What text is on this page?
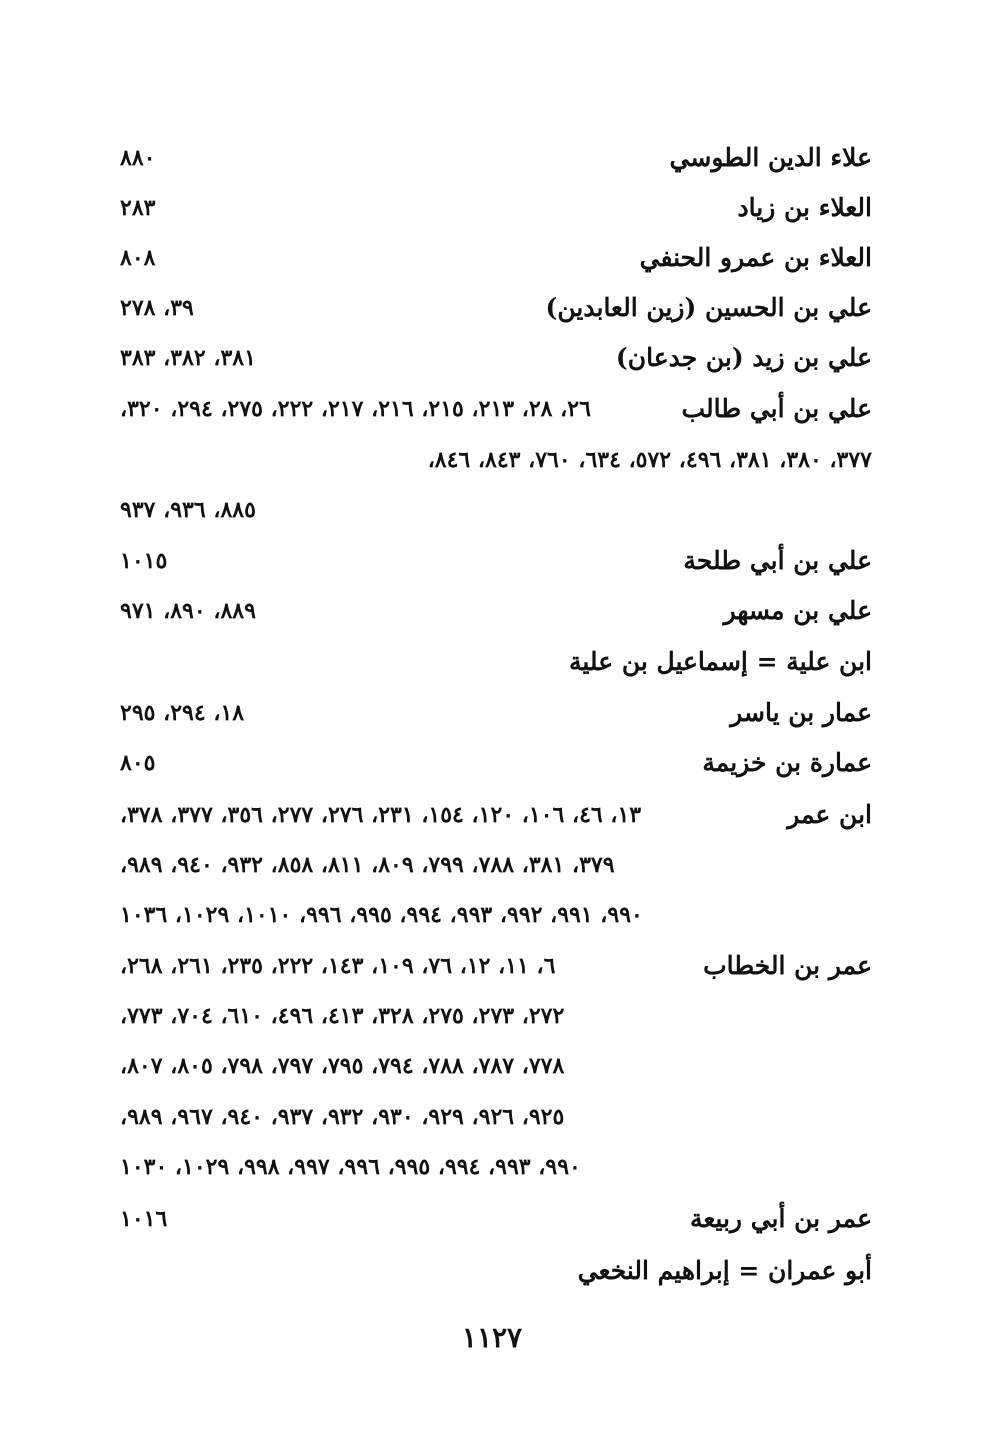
علاء الدين الطوسي
٨٨٠
العلاء بن زياد
٢٨٣
العلاء بن عمرو الحنفي
٨٠٨
علي بن الحسين (زين العابدين)
٣٩، ٢٧٨
علي بن زيد (بن جدعان)
٣٨١، ٣٨٢، ٣٨٣
علي بن أبي طالب
٢٦، ٢٨، ٢١٣، ٢١٥، ٢١٦، ٢١٧، ٢٢٢، ٢٧٥، ٢٩٤، ٣٢٠،
٣٧٧، ٣٨٠، ٣٨١، ٤٩٦، ٥٧٢، ٦٣٤، ٧٦٠، ٨٤٣، ٨٤٦،
٨٨٥، ٩٣٦، ٩٣٧
علي بن أبي طلحة
١٠١٥
علي بن مسهر
٨٨٩، ٨٩٠، ٩٧١
ابن علية = إسماعيل بن علية
عمار بن ياسر
١٨، ٢٩٤، ٢٩٥
عمارة بن خزيمة
٨٠٥
ابن عمر
١٣، ٤٦، ١٠٦، ١٢٠، ١٥٤، ٢٣١، ٢٧٦، ٢٧٧، ٣٥٦، ٣٧٧، ٣٧٨،
٣٧٩، ٣٨١، ٧٨٨، ٧٩٩، ٨٠٩، ٨١١، ٨٥٨، ٩٣٢، ٩٤٠، ٩٨٩،
٩٩٠، ٩٩١، ٩٩٢، ٩٩٣، ٩٩٤، ٩٩٥، ٩٩٦، ١٠١٠، ١٠٢٩، ١٠٣٦
عمر بن الخطاب
٦، ١١، ١٢، ٧٦، ١٠٩، ١٤٣، ٢٢٢، ٢٣٥، ٢٦١، ٢٦٨،
٢٧٢، ٢٧٣، ٢٧٥، ٣٢٨، ٤١٣، ٤٩٦، ٦١٠، ٧٠٤، ٧٧٣،
٧٧٨، ٧٨٧، ٧٨٨، ٧٩٤، ٧٩٥، ٧٩٧، ٧٩٨، ٨٠٥، ٨٠٧،
٩٢٥، ٩٢٦، ٩٢٩، ٩٣٠، ٩٣٢، ٩٣٧، ٩٤٠، ٩٦٧، ٩٨٩،
٩٩٠، ٩٩٣، ٩٩٤، ٩٩٥، ٩٩٦، ٩٩٧، ٩٩٨، ١٠٢٩، ١٠٣٠
عمر بن أبي ربيعة
١٠١٦
أبو عمران = إبراهيم النخعي
١١٢٧
